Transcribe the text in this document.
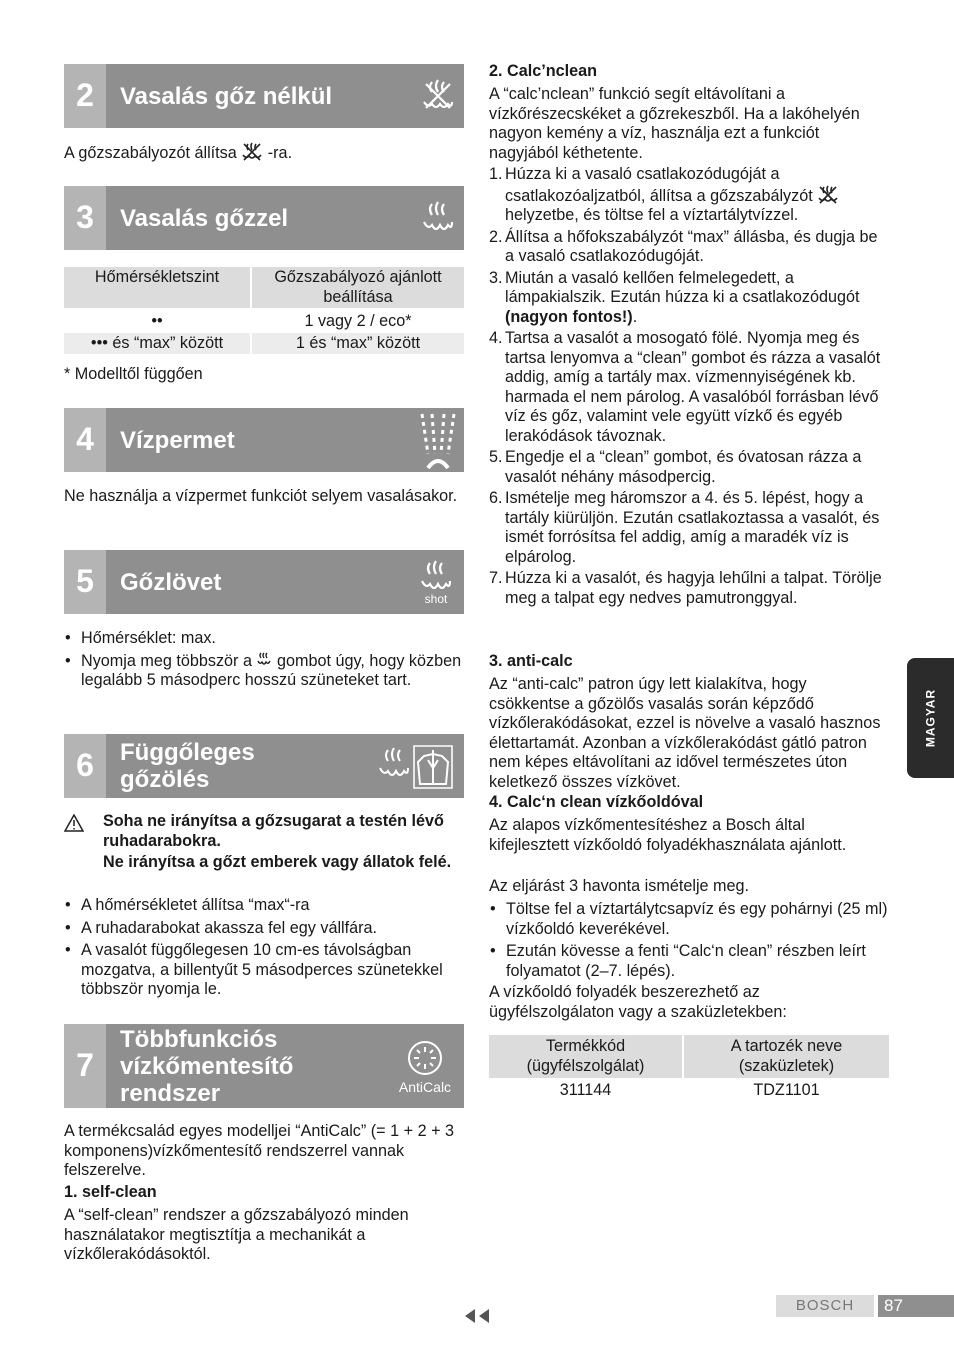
2	Vasalás gőz nélkül

A gőzszabályozót állítsa -ra.

3	Vasalás gőzzel
Hőmérsékletszint	Gőzszabályozó ajánlott beállítása
••	1 vagy 2 / eco*
••• és “max” között	1 és “max” között

* Modelltől függően

4	Vízpermet

Ne használja a vízpermet funkciót selyem vasalásakor.

5	Gőzlövet
shot
• Hőmérséklet: max.
• Nyomja meg többször a gombot úgy, hogy közben legalább 5 másodperc hosszú szüneteket tart.
6	Függőleges
gőzölés

Soha ne irányítsa a gőzsugarat a testén lévő ruhadarabokra.

Ne irányítsa a gőzt emberek vagy állatok felé.

• A hőmérsékletet állítsa “max“-ra
• A ruhadarabokat akassza fel egy vállfára.
• A vasalót függőlegesen 10 cm-es távolságban mozgatva, a billentyűt 5 másodperces szünetekkel többször nyomja le.
7
Többfunkciós
vízkőmentesítő
rendszer	AntiCalc

A termékcsalád egyes modelljei “AntiCalc” (= 1 + 2 + 3 komponens)vízkőmentesítő rendszerrel vannak felszerelve.

1. self-clean

A “self-clean” rendszer a gőzszabályozó minden használatakor megtisztítja a mechanikát a vízkőlerakódásoktól.

2. Calc’nclean

A “calc’nclean” funkció segít eltávolítani a vízkőrészecskéket a gőzrekeszből. Ha a lakóhelyén nagyon kemény a víz, használja ezt a funkciót nagyjából kéthetente.

1. Húzza ki a vasaló csatlakozódugóját a csatlakozóaljzatból, állítsa a gőzszabályzót  helyzetbe, és töltse fel a víztartálytvízzel.
2. Állítsa a hőfokszabályzót “max” állásba, és dugja be a vasaló csatlakozódugóját.
3. Miután a vasaló kellően felmelegedett, a lámpakialszik. Ezután húzza ki a csatlakozódugót (nagyon fontos!).
4. Tartsa a vasalót a mosogató fölé. Nyomja meg és tartsa lenyomva a “clean” gombot és rázza a vasalót addig, amíg a tartály max. vízmennyiségének kb. harmada el nem párolog. A vasalóból forrásban lévő víz és gőz, valamint vele együtt vízkő és egyéb lerakódások távoznak.
5. Engedje el a “clean” gombot, és óvatosan rázza a vasalót néhány másodpercig.
6. Ismételje meg háromszor a 4. és 5. lépést, hogy a tartály kiürüljön. Ezután csatlakoztassa a vasalót, és ismét forrósítsa fel addig, amíg a maradék víz is elpárolog.
7. Húzza ki a vasalót, és hagyja lehűlni a talpat. Törölje meg a talpat egy nedves pamutronggyal.

3. anti-calc

Az “anti-calc” patron úgy lett kialakítva, hogy csökkentse a gőzölős vasalás során képződő vízkőlerakódásokat, ezzel is növelve a vasaló hasznos élettartamát. Azonban a vízkőlerakódást gátló patron nem képes eltávolítani az idővel természetes úton keletkező összes vízkövet.

4. Calc‘n clean vízkőoldóval

Az alapos vízkőmentesítéshez a Bosch által kifejlesztett vízkőoldó folyadékhasználata ajánlott.

Az eljárást 3 havonta ismételje meg.

• Töltse fel a víztartálytcsapvíz és egy pohárnyi (25 ml) vízkőoldó keverékével.
• Ezután kövesse a fenti “Calc‘n clean” részben leírt folyamatot (2–7. lépés).

A vízkőoldó folyadék beszerezhető az ügyfélszolgálaton vagy a szaküzletekben:

Termékkód (ügyfélszolgálat)	A tartozék neve (szaküzletek)
311144	TDZ1101
MAGYAR
BOSCH	87
